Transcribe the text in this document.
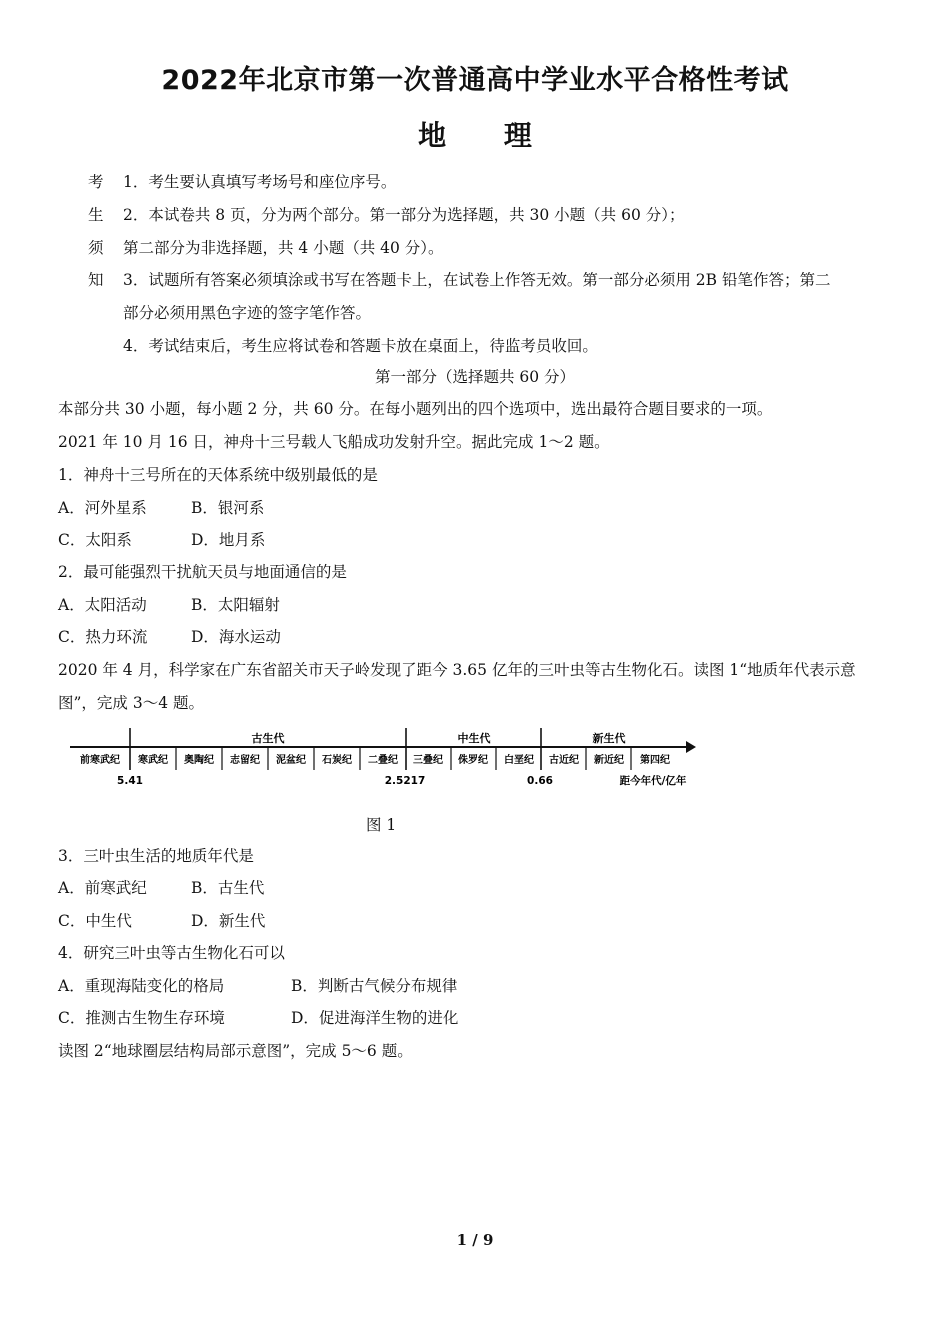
2022年北京市第一次普通高中学业水平合格性考试
地 理
考
生
须
知
1．考生要认真填写考场号和座位序号。
2．本试卷共 8 页，分为两个部分。第一部分为选择题，共 30 小题（共 60 分）；
第二部分为非选择题，共 4 小题（共 40 分）。
3．试题所有答案必须填涂或书写在答题卡上，在试卷上作答无效。第一部分必须用 2B 铅笔作答；第二
部分必须用黑色字迹的签字笔作答。
4．考试结束后，考生应将试卷和答题卡放在桌面上，待监考员收回。
第一部分（选择题共 60 分）
本部分共 30 小题，每小题 2 分，共 60 分。在每小题列出的四个选项中，选出最符合题目要求的一项。
2021 年 10 月 16 日，神舟十三号载人飞船成功发射升空。据此完成 1～2 题。
1．神舟十三号所在的天体系统中级别最低的是
A．河外星系	B．银河系
C．太阳系	D．地月系
2．最可能强烈干扰航天员与地面通信的是
A．太阳活动	B．太阳辐射
C．热力环流	D．海水运动
2020 年 4 月，科学家在广东省韶关市天子岭发现了距今 3.65 亿年的三叶虫等古生物化石。读图 1“地质年代表示意
图”，完成 3～4 题。
古生代	中生代	新生代
前寒武纪 寒武纪 奥陶纪 志留纪 泥盆纪 石炭纪 二叠纪 三叠纪 侏罗纪 白垩纪 古近纪 新近纪 第四纪
5.41	2.5217	0.66	距今年代/亿年
图 1
3．三叶虫生活的地质年代是
A．前寒武纪	B．古生代
C．中生代	D．新生代
4．研究三叶虫等古生物化石可以
A．重现海陆变化的格局	B．判断古气候分布规律
C．推测古生物生存环境	D．促进海洋生物的进化
读图 2“地球圈层结构局部示意图”，完成 5～6 题。
1 / 9
